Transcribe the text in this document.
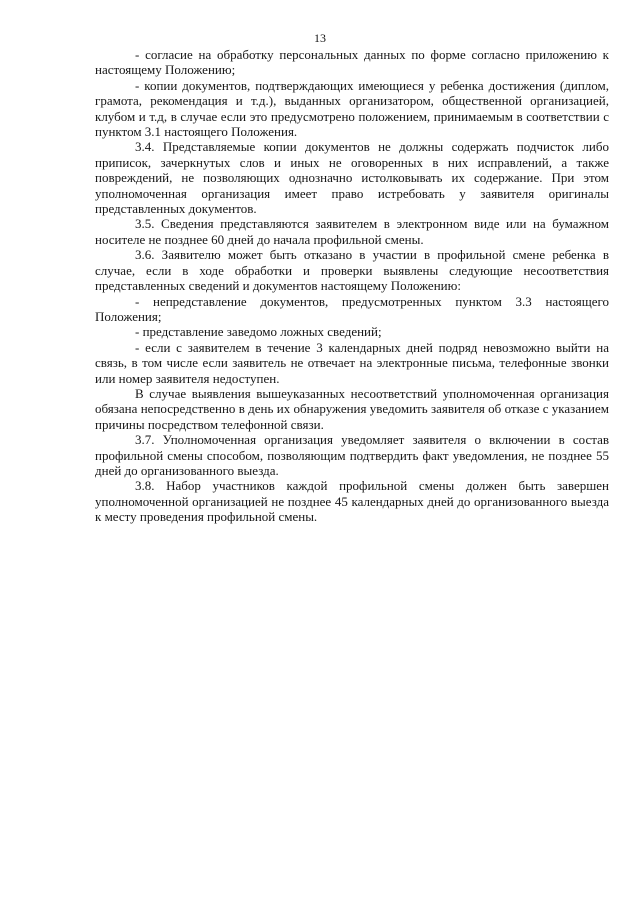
13

- согласие на обработку персональных данных по форме согласно приложению к настоящему Положению;

- копии документов, подтверждающих имеющиеся у ребенка достижения (диплом, грамота, рекомендация и т.д.), выданных организатором, общественной организацией, клубом и т.д, в случае если это предусмотрено положением, принимаемым в соответствии с пунктом 3.1 настоящего Положения.

3.4. Представляемые копии документов не должны содержать подчисток либо приписок, зачеркнутых слов и иных не оговоренных в них исправлений, а также повреждений, не позволяющих однозначно истолковывать их содержание. При этом уполномоченная организация имеет право истребовать у заявителя оригиналы представленных документов.

3.5. Сведения представляются заявителем в электронном виде или на бумажном носителе не позднее 60 дней до начала профильной смены.

3.6. Заявителю может быть отказано в участии в профильной смене ребенка в случае, если в ходе обработки и проверки выявлены следующие несоответствия представленных сведений и документов настоящему Положению:

- непредставление документов, предусмотренных пунктом 3.3 настоящего Положения;

- представление заведомо ложных сведений;

- если с заявителем в течение 3 календарных дней подряд невозможно выйти на связь, в том числе если заявитель не отвечает на электронные письма, телефонные звонки или номер заявителя недоступен.

В случае выявления вышеуказанных несоответствий уполномоченная организация обязана непосредственно в день их обнаружения уведомить заявителя об отказе с указанием причины посредством телефонной связи.

3.7. Уполномоченная организация уведомляет заявителя о включении в состав профильной смены способом, позволяющим подтвердить факт уведомления, не позднее 55 дней до организованного выезда.

3.8. Набор участников каждой профильной смены должен быть завершен уполномоченной организацией не позднее 45 календарных дней до организованного выезда к месту проведения профильной смены.
